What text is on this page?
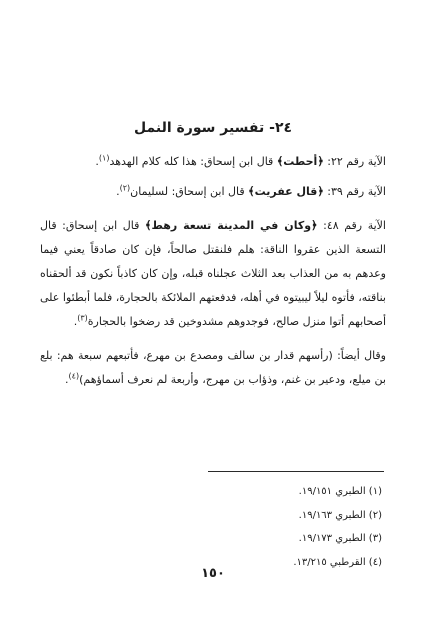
٢٤- تفسير سورة النمل

الآية رقم ٢٢: ﴿أحطت﴾ قال ابن إسحاق: هذا كله كلام الهدهد$^{(١)}$.

الآية رقم ٣٩: ﴿قال عفريت﴾ قال ابن إسحاق: لسليمان$^{(٢)}$.

الآية رقم ٤٨: ﴿وكان في المدينة تسعة رهط﴾ قال ابن إسحاق: قال التسعة الذين عقروا الناقة: هلم فلنقتل صالحاً، فإن كان صادقاً يعني فيما وعدهم به من العذاب بعد الثلاث عجلناه قبله، وإن كان كاذباً نكون قد ألحقناه بناقته، فأتوه ليلاً ليبيتوه في أهله، فدفعتهم الملائكة بالحجارة، فلما أبطئوا على أصحابهم أتوا منزل صالح، فوجدوهم مشدوخين قد رضخوا بالحجارة$^{(٣)}$.

وقال أيضاً: (رأسهم قدار بن سالف ومصدع بن مهرع، فأتبعهم سبعة هم: بلع بن ميلع، ودعير بن غنم، وذؤاب بن مهرج، وأربعة لم نعرف أسماؤهم)$^{(٤)}$.

(١) الطبري ١٩/١٥١.
(٢) الطبري ١٩/١٦٣.
(٣) الطبري ١٩/١٧٣.
(٤) القرطبي ١٣/٢١٥.
١٥٠
